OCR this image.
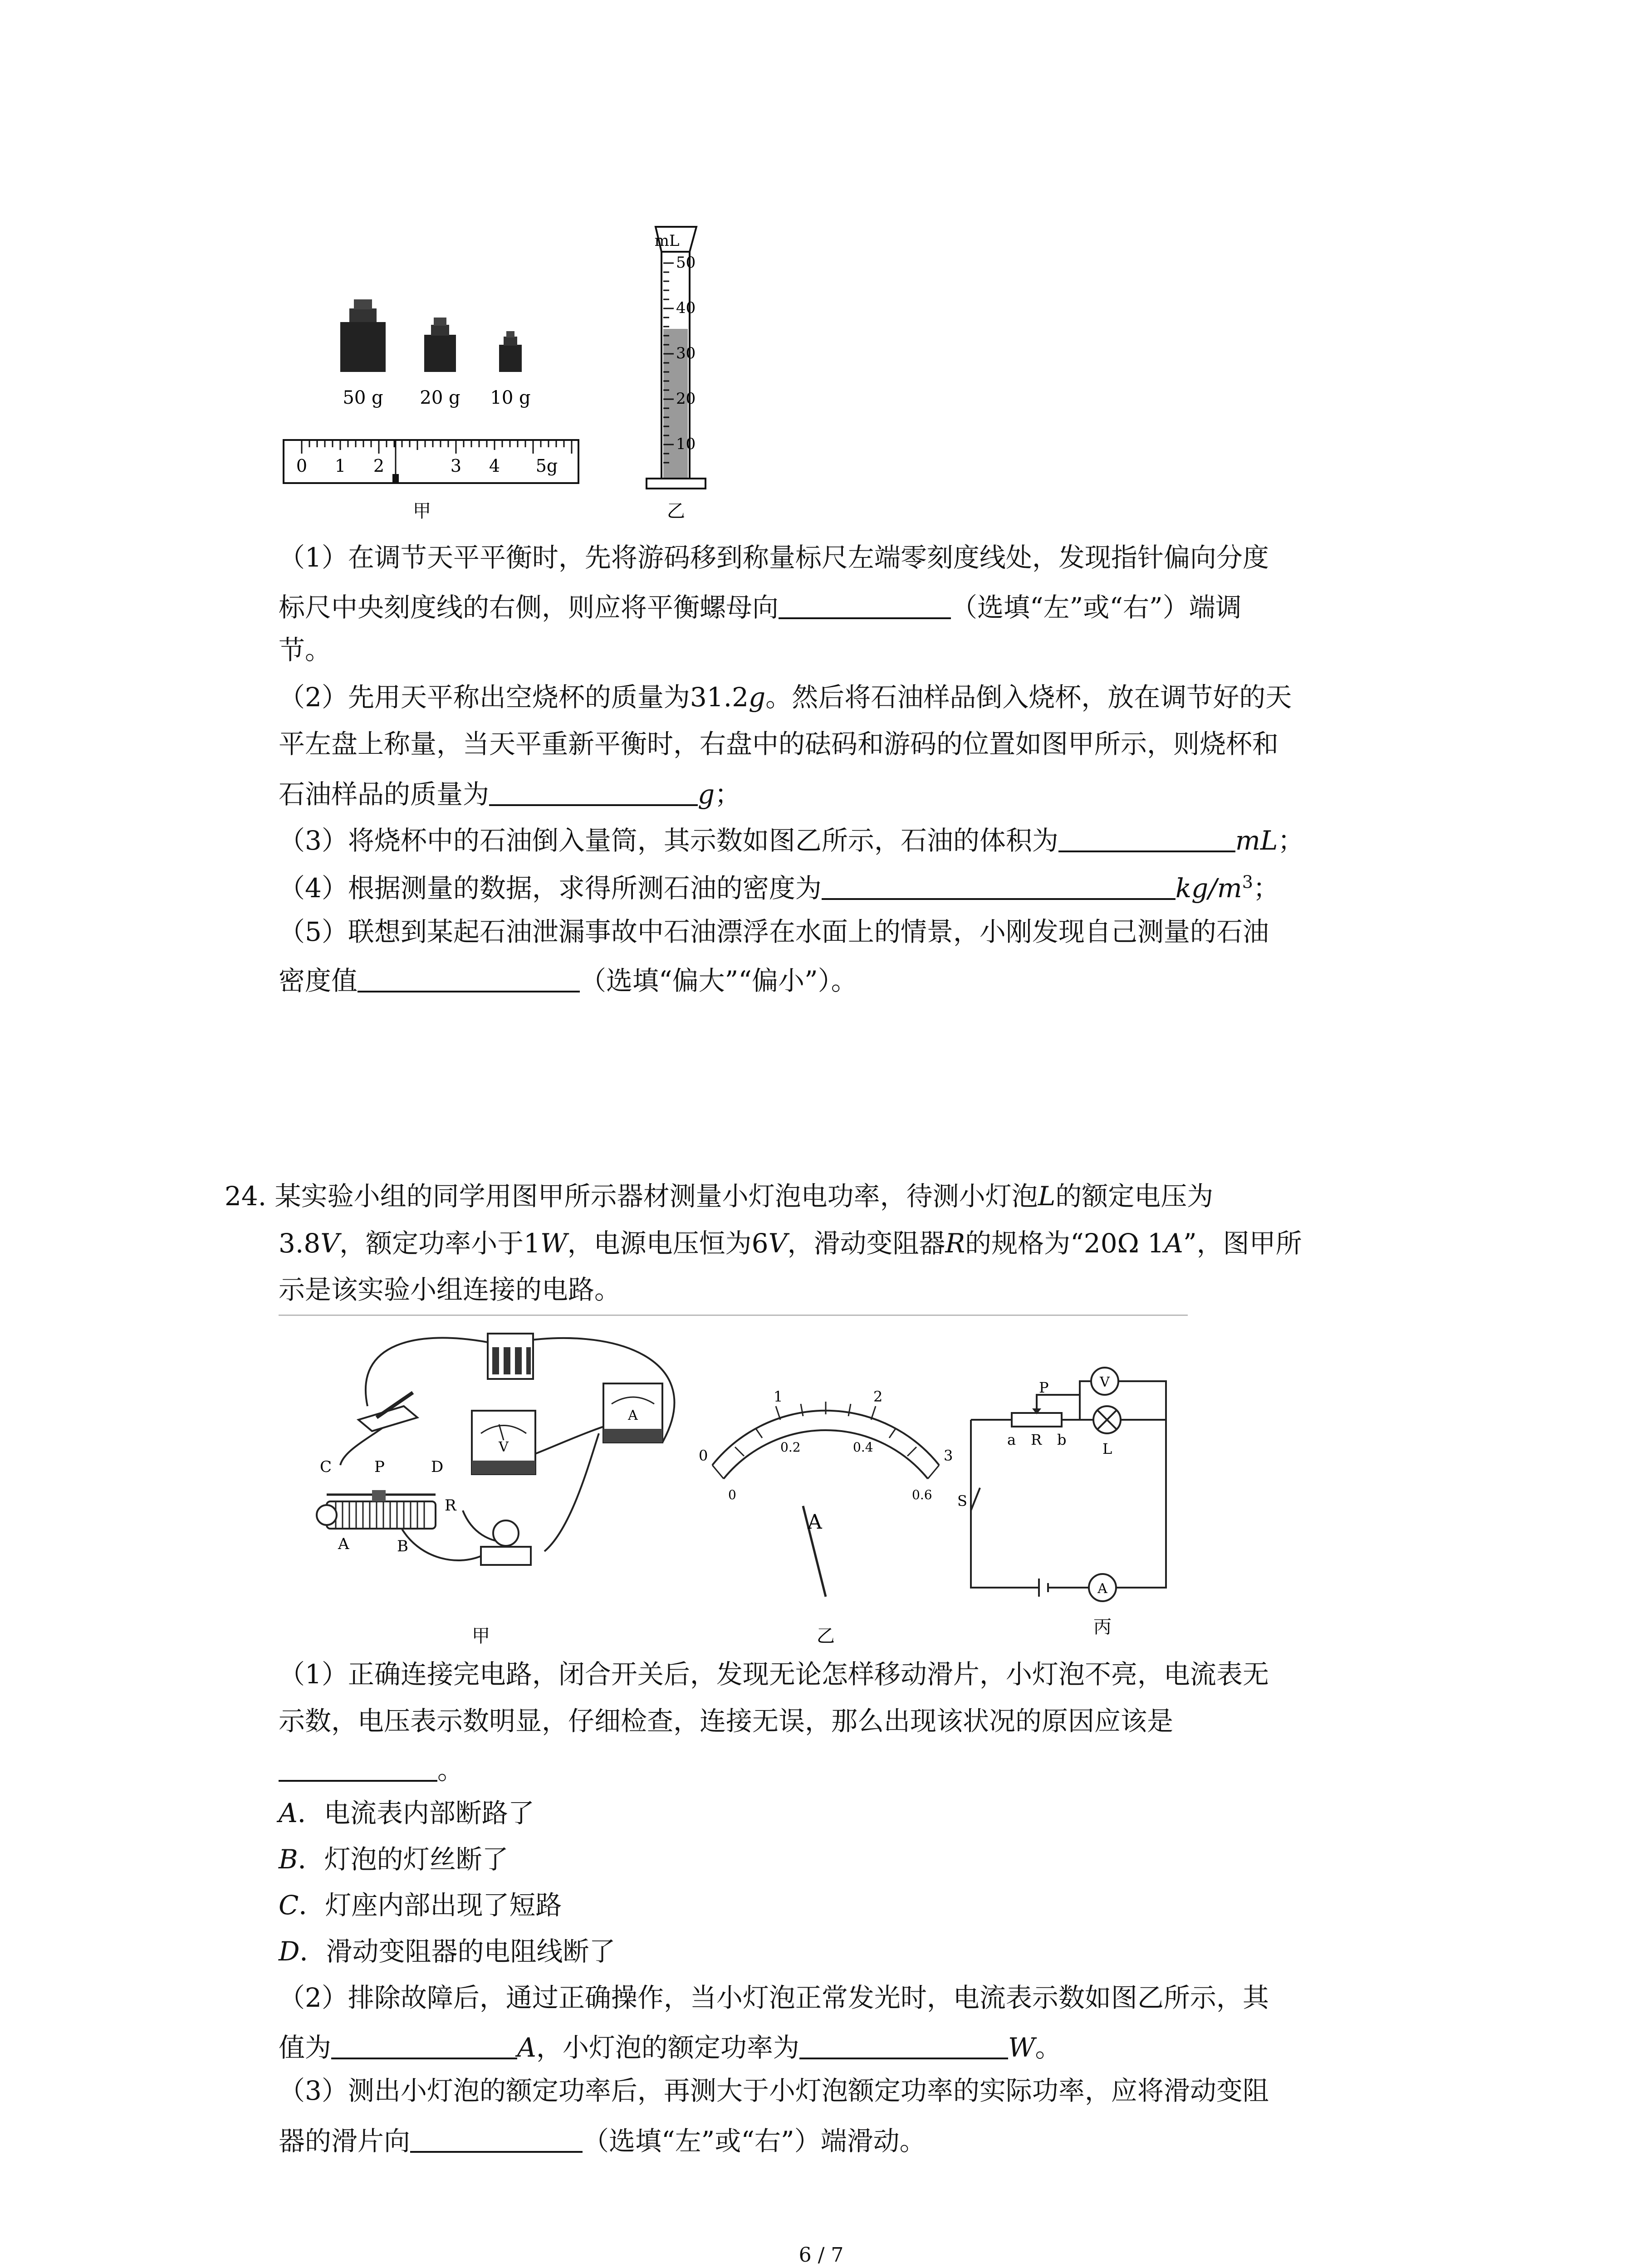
50 g 20 g 10 g
0 1 2	3 4 5g
甲
mL
50
40
30
20
10
乙
（1）在调节天平平衡时，先将游码移到称量标尺左端零刻度线处，发现指针偏向分度
标尺中央刻度线的右侧，则应将平衡螺母向	（选填“左”或“右”）端调
节。
（2）先用天平称出空烧杯的质量为31.2g。然后将石油样品倒入烧杯，放在调节好的天
平左盘上称量，当天平重新平衡时，右盘中的砝码和游码的位置如图甲所示，则烧杯和
石油样品的质量为	g；
（3）将烧杯中的石油倒入量筒，其示数如图乙所示，石油的体积为	mL；
（4）根据测量的数据，求得所测石油的密度为	$kg/m^3$；
（5）联想到某起石油泄漏事故中石油漂浮在水面上的情景，小刚发现自己测量的石油
密度值	（选填“偏大”“偏小”）。
24. 某实验小组的同学用图甲所示器材测量小灯泡电功率，待测小灯泡L的额定电压为
3.8V，额定功率小于1W，电源电压恒为6V，滑动变阻器R的规格为“20Ω 1A”，图甲所
示是该实验小组连接的电路。
C	P	D
A	B
R
V
A
甲
0
1	2
3
0
0.2	0.4
0.6
A
乙
P
a R b
V
L
S
A
丙
（1）正确连接完电路，闭合开关后，发现无论怎样移动滑片，小灯泡不亮，电流表无
示数，电压表示数明显，仔细检查，连接无误，那么出现该状况的原因应该是
。
A．电流表内部断路了
B．灯泡的灯丝断了
C．灯座内部出现了短路
D．滑动变阻器的电阻线断了
（2）排除故障后，通过正确操作，当小灯泡正常发光时，电流表示数如图乙所示，其
值为	A，小灯泡的额定功率为	W。
（3）测出小灯泡的额定功率后，再测大于小灯泡额定功率的实际功率，应将滑动变阻
器的滑片向	（选填“左”或“右”）端滑动。
6 / 7
